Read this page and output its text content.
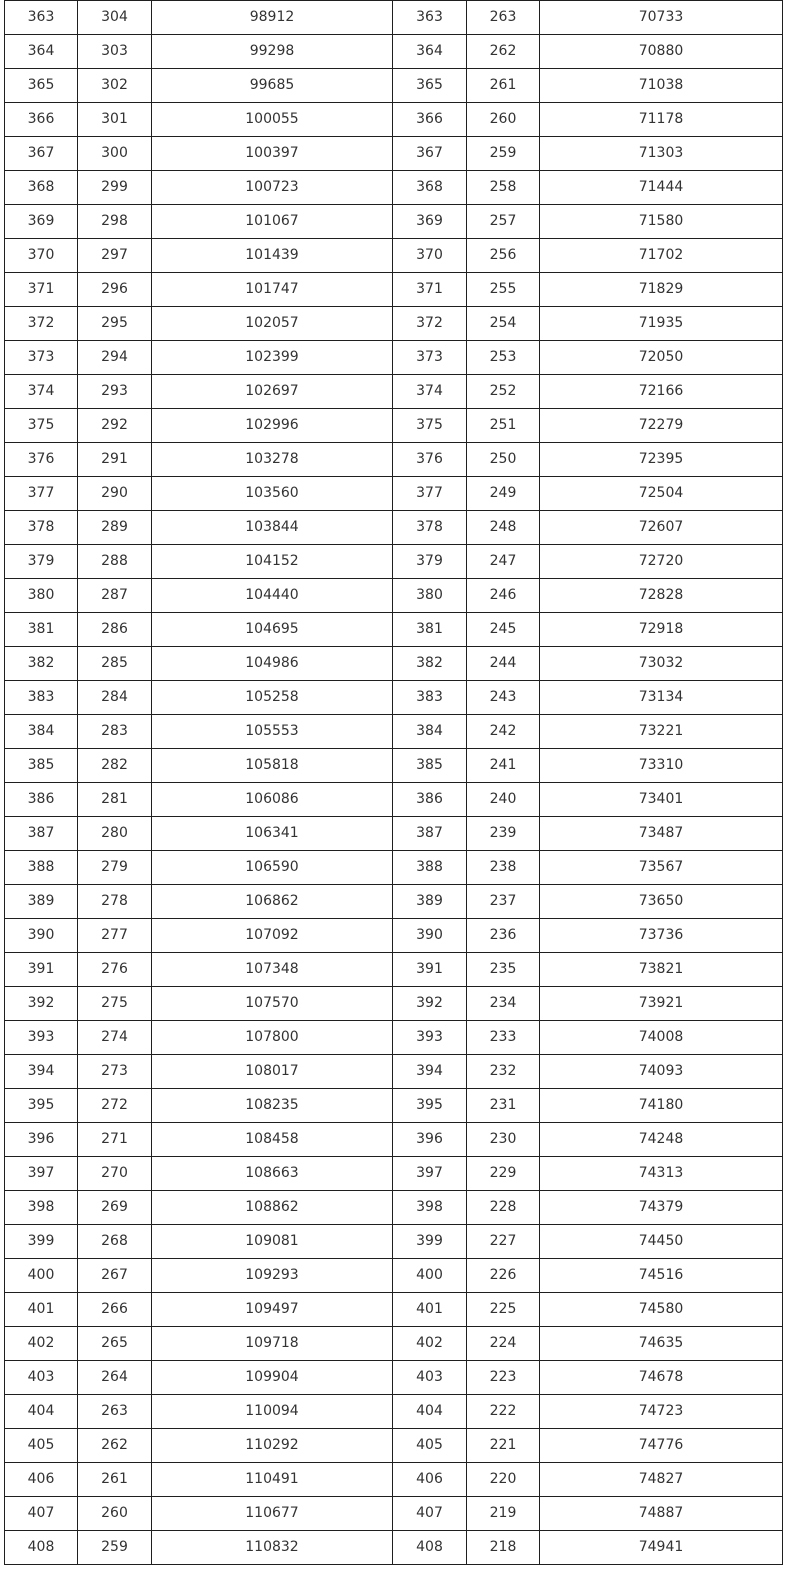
363	304	98912	363	263	70733
364	303	99298	364	262	70880
365	302	99685	365	261	71038
366	301	100055	366	260	71178
367	300	100397	367	259	71303
368	299	100723	368	258	71444
369	298	101067	369	257	71580
370	297	101439	370	256	71702
371	296	101747	371	255	71829
372	295	102057	372	254	71935
373	294	102399	373	253	72050
374	293	102697	374	252	72166
375	292	102996	375	251	72279
376	291	103278	376	250	72395
377	290	103560	377	249	72504
378	289	103844	378	248	72607
379	288	104152	379	247	72720
380	287	104440	380	246	72828
381	286	104695	381	245	72918
382	285	104986	382	244	73032
383	284	105258	383	243	73134
384	283	105553	384	242	73221
385	282	105818	385	241	73310
386	281	106086	386	240	73401
387	280	106341	387	239	73487
388	279	106590	388	238	73567
389	278	106862	389	237	73650
390	277	107092	390	236	73736
391	276	107348	391	235	73821
392	275	107570	392	234	73921
393	274	107800	393	233	74008
394	273	108017	394	232	74093
395	272	108235	395	231	74180
396	271	108458	396	230	74248
397	270	108663	397	229	74313
398	269	108862	398	228	74379
399	268	109081	399	227	74450
400	267	109293	400	226	74516
401	266	109497	401	225	74580
402	265	109718	402	224	74635
403	264	109904	403	223	74678
404	263	110094	404	222	74723
405	262	110292	405	221	74776
406	261	110491	406	220	74827
407	260	110677	407	219	74887
408	259	110832	408	218	74941
